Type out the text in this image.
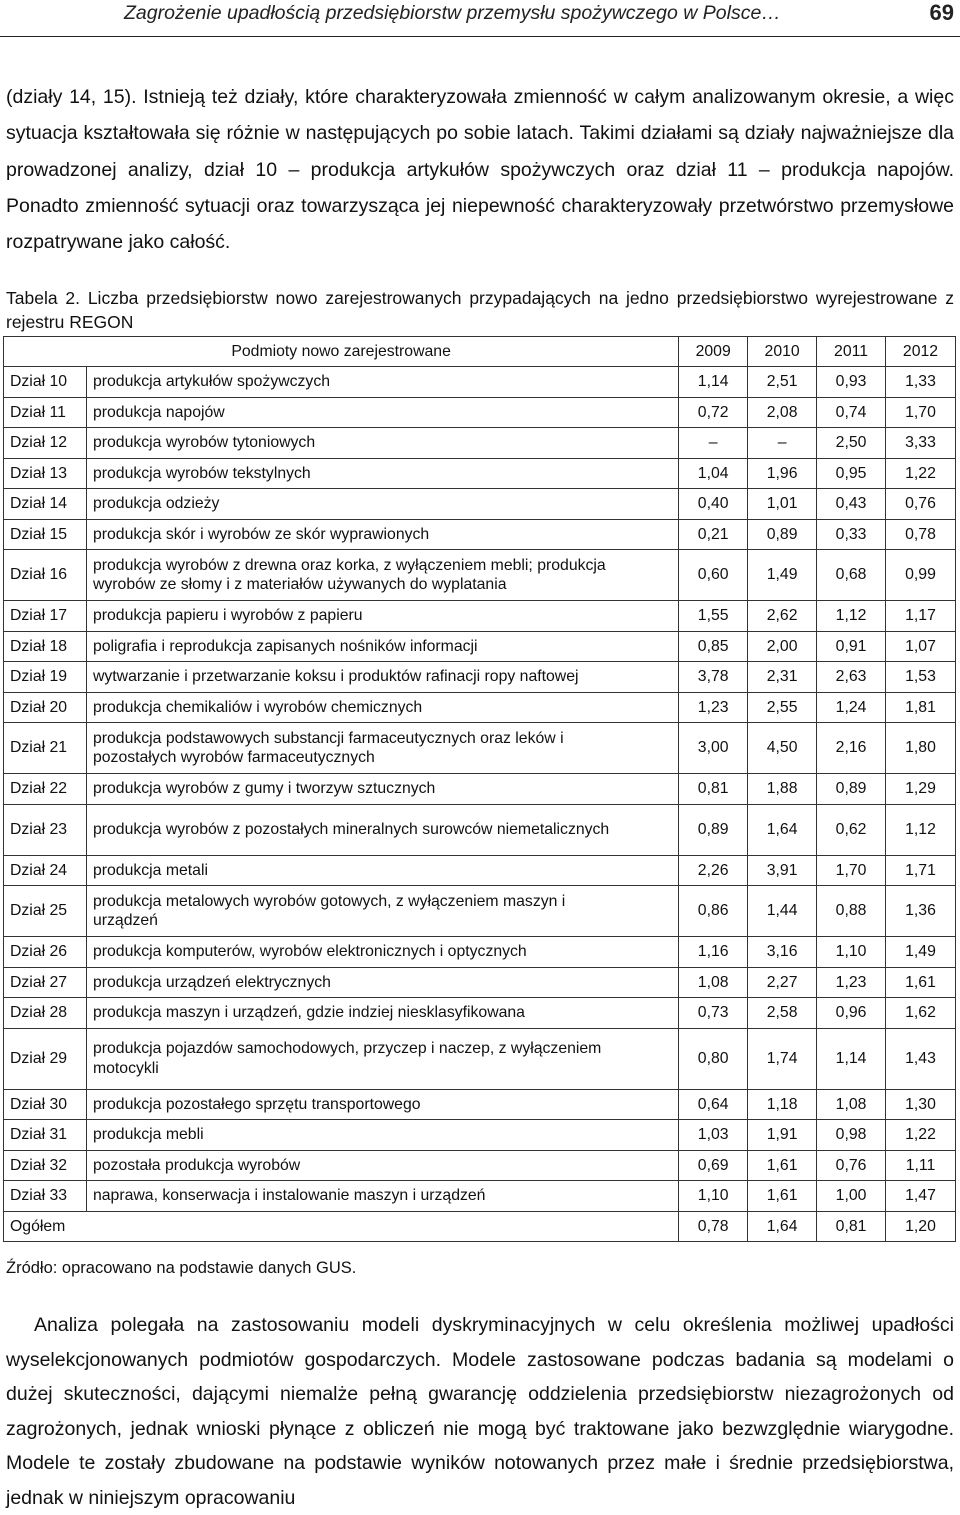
Zagrożenie upadłością przedsiębiorstw przemysłu spożywczego w Polsce…	69

(działy 14, 15). Istnieją też działy, które charakteryzowała zmienność w całym analizowanym okresie, a więc sytuacja kształtowała się różnie w następujących po sobie latach. Takimi działami są działy najważniejsze dla prowadzonej analizy, dział 10 – produkcja artykułów spożywczych oraz dział 11 – produkcja napojów. Ponadto zmienność sytuacji oraz towarzysząca jej niepewność charakteryzowały przetwórstwo przemysłowe rozpatrywane jako całość.

Tabela 2. Liczba przedsiębiorstw nowo zarejestrowanych przypadających na jedno przedsiębiorstwo wyrejestrowane z rejestru REGON

Podmioty nowo zarejestrowane		2009	2010	2011	2012
Dział 10	produkcja artykułów spożywczych	1,14	2,51	0,93	1,33
Dział 11	produkcja napojów	0,72	2,08	0,74	1,70
Dział 12	produkcja wyrobów tytoniowych	–	–	2,50	3,33
Dział 13	produkcja wyrobów tekstylnych	1,04	1,96	0,95	1,22
Dział 14	produkcja odzieży	0,40	1,01	0,43	0,76
Dział 15	produkcja skór i wyrobów ze skór wyprawionych	0,21	0,89	0,33	0,78
Dział 16	produkcja wyrobów z drewna oraz korka, z wyłączeniem mebli; produkcja wyrobów ze słomy i z materiałów używanych do wyplatania	0,60	1,49	0,68	0,99
Dział 17	produkcja papieru i wyrobów z papieru	1,55	2,62	1,12	1,17
Dział 18	poligrafia i reprodukcja zapisanych nośników informacji	0,85	2,00	0,91	1,07
Dział 19	wytwarzanie i przetwarzanie koksu i produktów rafinacji ropy naftowej	3,78	2,31	2,63	1,53
Dział 20	produkcja chemikaliów i wyrobów chemicznych	1,23	2,55	1,24	1,81
Dział 21	produkcja podstawowych substancji farmaceutycznych oraz leków i pozostałych wyrobów farmaceutycznych	3,00	4,50	2,16	1,80
Dział 22	produkcja wyrobów z gumy i tworzyw sztucznych	0,81	1,88	0,89	1,29
Dział 23	produkcja wyrobów z pozostałych mineralnych surowców niemetalicznych	0,89	1,64	0,62	1,12
Dział 24	produkcja metali	2,26	3,91	1,70	1,71
Dział 25	produkcja metalowych wyrobów gotowych, z wyłączeniem maszyn i urządzeń	0,86	1,44	0,88	1,36
Dział 26	produkcja komputerów, wyrobów elektronicznych i optycznych	1,16	3,16	1,10	1,49
Dział 27	produkcja urządzeń elektrycznych	1,08	2,27	1,23	1,61
Dział 28	produkcja maszyn i urządzeń, gdzie indziej niesklasyfikowana	0,73	2,58	0,96	1,62
Dział 29	produkcja pojazdów samochodowych, przyczep i naczep, z wyłączeniem motocykli	0,80	1,74	1,14	1,43
Dział 30	produkcja pozostałego sprzętu transportowego	0,64	1,18	1,08	1,30
Dział 31	produkcja mebli	1,03	1,91	0,98	1,22
Dział 32	pozostała produkcja wyrobów	0,69	1,61	0,76	1,11
Dział 33	naprawa, konserwacja i instalowanie maszyn i urządzeń	1,10	1,61	1,00	1,47
Ogółem		0,78	1,64	0,81	1,20

Źródło: opracowano na podstawie danych GUS.

Analiza polegała na zastosowaniu modeli dyskryminacyjnych w celu określenia możliwej upadłości wyselekcjonowanych podmiotów gospodarczych. Modele zastosowane podczas badania są modelami o dużej skuteczności, dającymi niemalże pełną gwarancję oddzielenia przedsiębiorstw niezagrożonych od zagrożonych, jednak wnioski płynące z obliczeń nie mogą być traktowane jako bezwzględnie wiarygodne. Modele te zostały zbudowane na podstawie wyników notowanych przez małe i średnie przedsiębiorstwa, jednak w niniejszym opracowaniu
